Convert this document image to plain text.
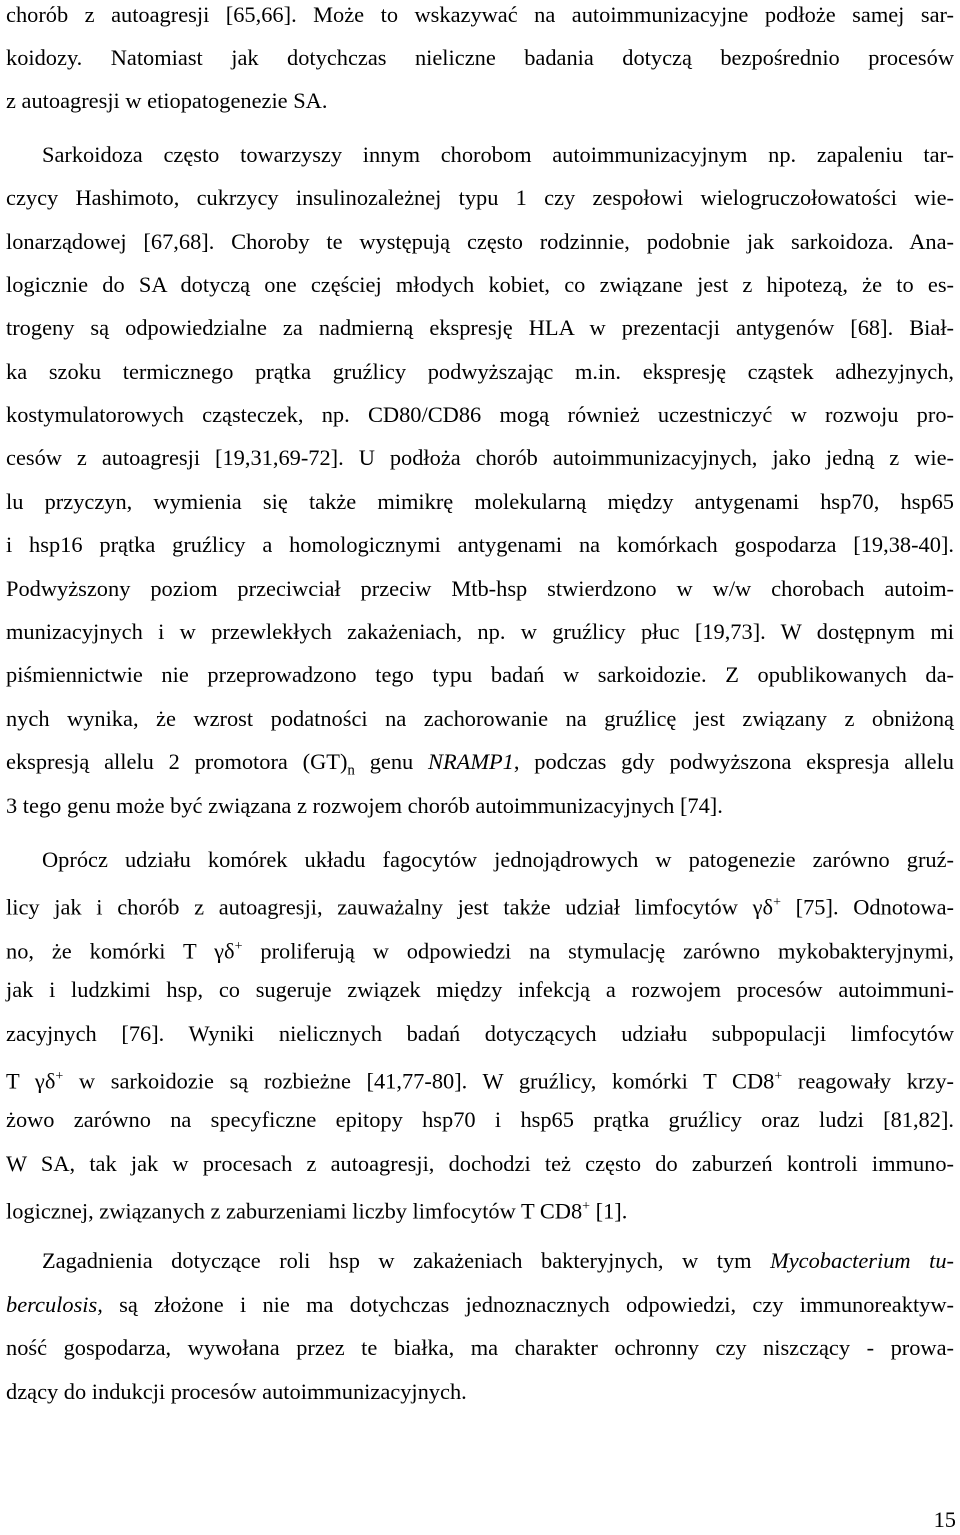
chorób z autoagresji [65,66]. Może to wskazywać na autoimmunizacyjne podłoże samej sar-
koidozy. Natomiast jak dotychczas nieliczne badania dotyczą bezpośrednio procesów
z autoagresji w etiopatogenezie SA.
Sarkoidoza często towarzyszy innym chorobom autoimmunizacyjnym np. zapaleniu tar-
czycy Hashimoto, cukrzycy insulinozależnej typu 1 czy zespołowi wielogruczołowatości wie-
lonarządowej [67,68]. Choroby te występują często rodzinnie, podobnie jak sarkoidoza. Ana-
logicznie do SA dotyczą one częściej młodych kobiet, co związane jest z hipotezą, że to es-
trogeny są odpowiedzialne za nadmierną ekspresję HLA w prezentacji antygenów [68]. Biał-
ka szoku termicznego prątka gruźlicy podwyższając m.in. ekspresję cząstek adhezyjnych,
kostymulatorowych cząsteczek, np. CD80/CD86 mogą również uczestniczyć w rozwoju pro-
cesów z autoagresji [19,31,69-72]. U podłoża chorób autoimmunizacyjnych, jako jedną z wie-
lu przyczyn, wymienia się także mimikrę molekularną między antygenami hsp70, hsp65
i hsp16 prątka gruźlicy a homologicznymi antygenami na komórkach gospodarza [19,38-40].
Podwyższony poziom przeciwciał przeciw Mtb-hsp stwierdzono w w/w chorobach autoim-
munizacyjnych i w przewlekłych zakażeniach, np. w gruźlicy płuc [19,73]. W dostępnym mi
piśmiennictwie nie przeprowadzono tego typu badań w sarkoidozie. Z opublikowanych da-
nych wynika, że wzrost podatności na zachorowanie na gruźlicę jest związany z obniżoną
ekspresją allelu 2 promotora $(GT)_n$ genu NRAMP1, podczas gdy podwyższona ekspresja allelu
3 tego genu może być związana z rozwojem chorób autoimmunizacyjnych [74].
Oprócz udziału komórek układu fagocytów jednojądrowych w patogenezie zarówno gruź-
licy jak i chorób z autoagresji, zauważalny jest także udział limfocytów γδ+ [75]. Odnotowa-
no, że komórki T γδ+ proliferują w odpowiedzi na stymulację zarówno mykobakteryjnymi,
jak i ludzkimi hsp, co sugeruje związek między infekcją a rozwojem procesów autoimmuni-
zacyjnych [76]. Wyniki nielicznych badań dotyczących udziału subpopulacji limfocytów
T γδ+ w sarkoidozie są rozbieżne [41,77-80]. W gruźlicy, komórki T CD8+ reagowały krzy-
żowo zarówno na specyficzne epitopy hsp70 i hsp65 prątka gruźlicy oraz ludzi [81,82].
W SA, tak jak w procesach z autoagresji, dochodzi też często do zaburzeń kontroli immuno-
logicznej, związanych z zaburzeniami liczby limfocytów T CD8+ [1].
Zagadnienia dotyczące roli hsp w zakażeniach bakteryjnych, w tym Mycobacterium tu-
berculosis, są złożone i nie ma dotychczas jednoznacznych odpowiedzi, czy immunoreaktyw-
ność gospodarza, wywołana przez te białka, ma charakter ochronny czy niszczący - prowa-
dzący do indukcji procesów autoimmunizacyjnych.
15
